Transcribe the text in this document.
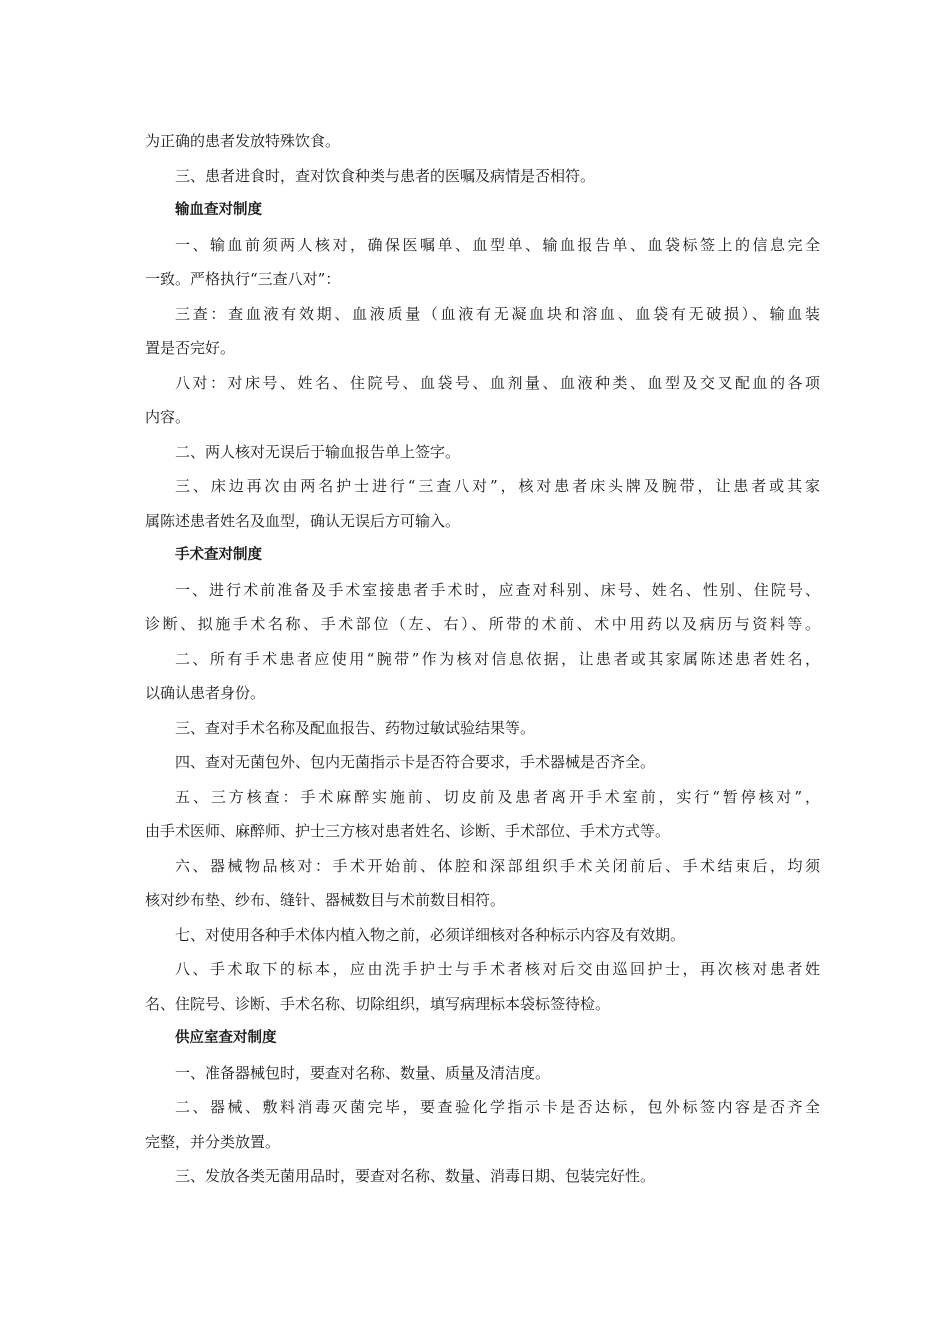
为正确的患者发放特殊饮食。
三、患者进食时，查对饮食种类与患者的医嘱及病情是否相符。
输血查对制度
一、输血前须两人核对，确保医嘱单、血型单、输血报告单、血袋标签上的信息完全
一致。严格执行“三查八对”：
三查：查血液有效期、血液质量（血液有无凝血块和溶血、血袋有无破损）、输血装
置是否完好。
八对：对床号、姓名、住院号、血袋号、血剂量、血液种类、血型及交叉配血的各项
内容。
二、两人核对无误后于输血报告单上签字。
三、床边再次由两名护士进行“三查八对”，核对患者床头牌及腕带，让患者或其家
属陈述患者姓名及血型，确认无误后方可输入。
手术查对制度
一、进行术前准备及手术室接患者手术时，应查对科别、床号、姓名、性别、住院号、
诊断、拟施手术名称、手术部位（左、右）、所带的术前、术中用药以及病历与资料等。
二、所有手术患者应使用“腕带”作为核对信息依据，让患者或其家属陈述患者姓名，
以确认患者身份。
三、查对手术名称及配血报告、药物过敏试验结果等。
四、查对无菌包外、包内无菌指示卡是否符合要求，手术器械是否齐全。
五、三方核查：手术麻醉实施前、切皮前及患者离开手术室前，实行“暂停核对”，
由手术医师、麻醉师、护士三方核对患者姓名、诊断、手术部位、手术方式等。
六、器械物品核对：手术开始前、体腔和深部组织手术关闭前后、手术结束后，均须
核对纱布垫、纱布、缝针、器械数目与术前数目相符。
七、对使用各种手术体内植入物之前，必须详细核对各种标示内容及有效期。
八、手术取下的标本，应由洗手护士与手术者核对后交由巡回护士，再次核对患者姓
名、住院号、诊断、手术名称、切除组织，填写病理标本袋标签待检。
供应室查对制度
一、准备器械包时，要查对名称、数量、质量及清洁度。
二、器械、敷料消毒灭菌完毕，要查验化学指示卡是否达标，包外标签内容是否齐全
完整，并分类放置。
三、发放各类无菌用品时，要查对名称、数量、消毒日期、包装完好性。
